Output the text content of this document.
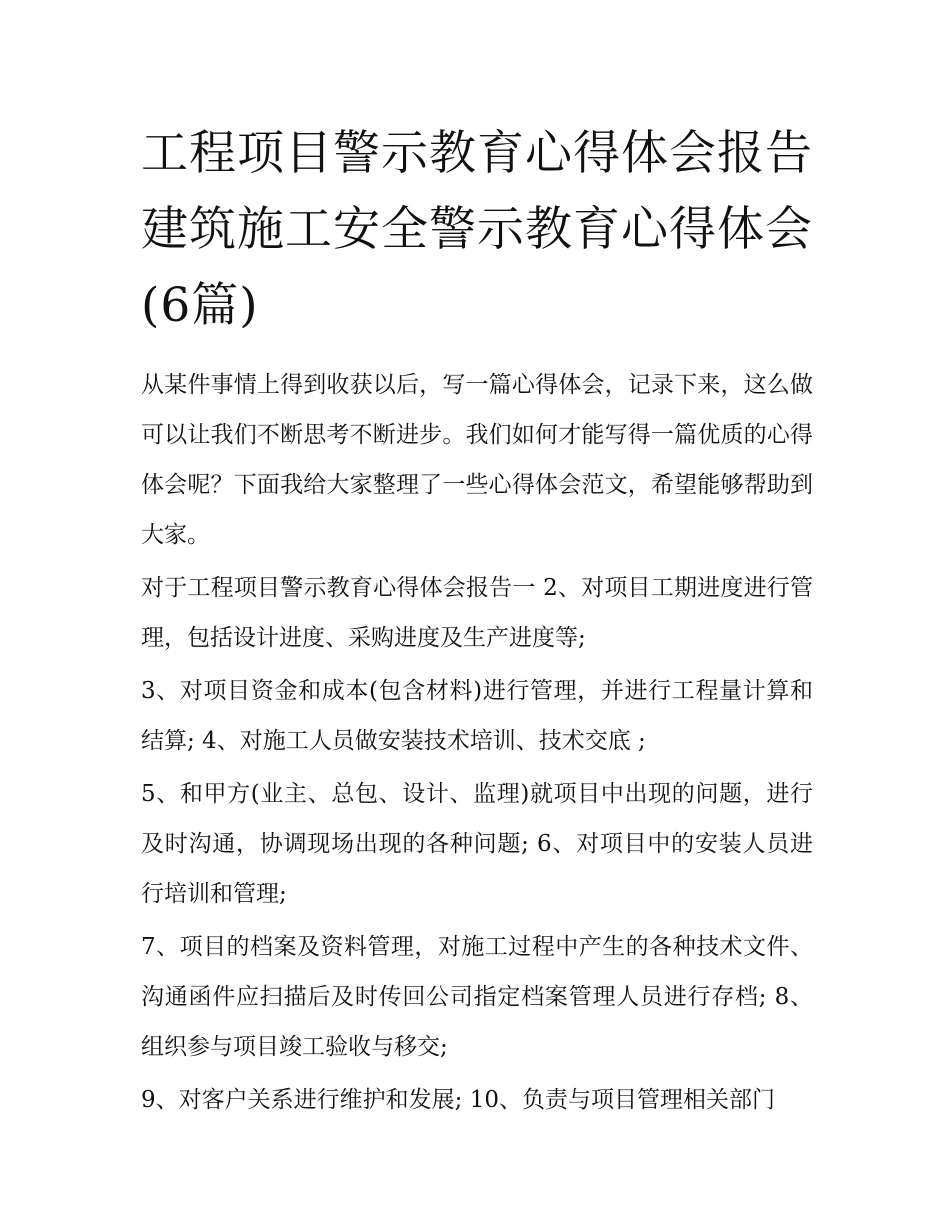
工程项目警示教育心得体会报告 建筑施工安全警示教育心得体会(6篇)

从某件事情上得到收获以后，写一篇心得体会，记录下来，这么做可以让我们不断思考不断进步。我们如何才能写得一篇优质的心得体会呢？下面我给大家整理了一些心得体会范文，希望能够帮助到大家。

对于工程项目警示教育心得体会报告一 2、对项目工期进度进行管理，包括设计进度、采购进度及生产进度等;

3、对项目资金和成本(包含材料)进行管理，并进行工程量计算和结算; 4、对施工人员做安装技术培训、技术交底 ;

5、和甲方(业主、总包、设计、监理)就项目中出现的问题，进行及时沟通，协调现场出现的各种问题; 6、对项目中的安装人员进行培训和管理;

7、项目的档案及资料管理，对施工过程中产生的各种技术文件、沟通函件应扫描后及时传回公司指定档案管理人员进行存档; 8、组织参与项目竣工验收与移交;

9、对客户关系进行维护和发展; 10、负责与项目管理相关部门
